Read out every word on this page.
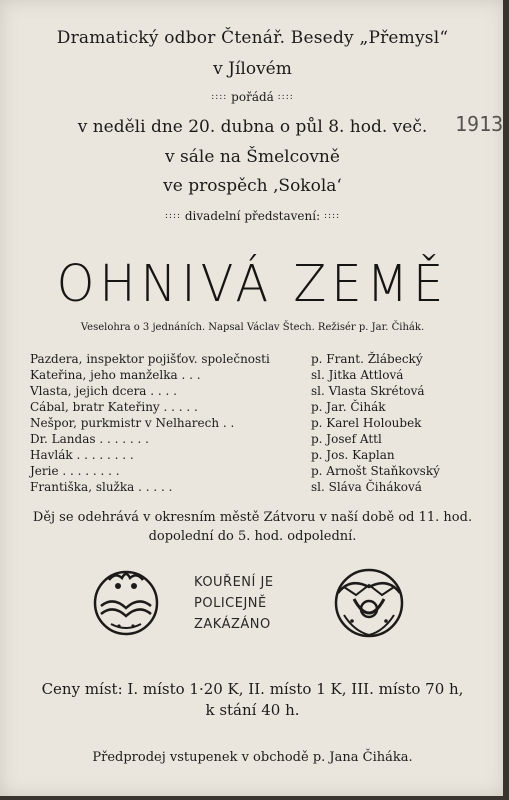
Dramatický odbor Čtenář. Besedy „Přemysl“
v Jílovém
:::: pořádá ::::
v neděli dne 20. dubna o půl 8. hod. več.	1913
v sále na Šmelcovně
ve prospěch ‚Sokola‘
:::: divadelní představení: ::::
OHNIVÁ ZEMĚ
Veselohra o 3 jednáních. Napsal Václav Štech. Režisér p. Jar. Čihák.
Pazdera, inspektor pojišťov. společnosti	p. Frant. Žlábecký
Kateřina, jeho manželka . . .	sl. Jitka Attlová
Vlasta, jejich dcera . . . .	sl. Vlasta Skrétová
Cábal, bratr Kateřiny . . . . .	p. Jar. Čihák
Nešpor, purkmistr v Nelharech . .	p. Karel Holoubek
Dr. Landas . . . . . . .	p. Josef Attl
Havlák . . . . . . . .	p. Jos. Kaplan
Jerie . . . . . . . .	p. Arnošt Staňkovský
Františka, služka . . . . .	sl. Sláva Čiháková
Děj se odehrává v okresním městě Zátvoru v naší době od 11. hod.
dopolední do 5. hod. odpolední.
KOUŘENÍ JE
POLICEJNĚ
ZAKÁZÁNO
Ceny míst: I. místo 1·20 K, II. místo 1 K, III. místo 70 h,
k stání 40 h.
Předprodej vstupenek v obchodě p. Jana Čiháka.
